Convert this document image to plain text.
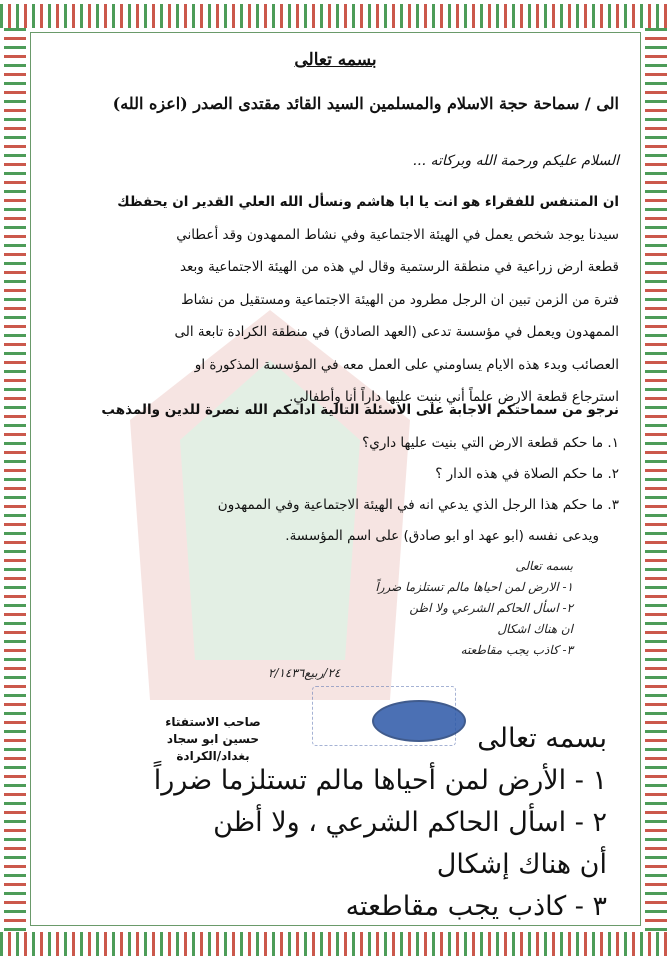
بسمه تعالى
الى / سماحة حجة الاسلام والمسلمين السيد القائد مقتدى الصدر (اعزه الله)
السلام عليكم ورحمة الله وبركاته ...
ان المتنفس للفقراء هو انت يا ابا هاشم ونسأل الله العلي القدير ان يحفظك
سيدنا يوجد شخص يعمل في الهيئة الاجتماعية وفي نشاط الممهدون وقد أعطاني
قطعة ارض زراعية في منطقة الرستمية وقال لي هذه من الهيئة الاجتماعية وبعد
فترة من الزمن تبين ان الرجل مطرود من الهيئة الاجتماعية ومستقيل من نشاط
الممهدون ويعمل في مؤسسة تدعى (العهد الصادق) في منطقة الكرادة تابعة الى
العصائب وبدء هذه الايام يساومني على العمل معه في المؤسسة المذكورة او
استرجاع قطعة الارض علماً أني بنيت عليها داراً أنا وأطفالي.
نرجو من سماحتكم الاجابة على الاسئلة التالية ادامكم الله نصرة للدين والمذهب
١. ما حكم قطعة الارض التي بنيت عليها داري؟
٢. ما حكم الصلاة في هذه الدار ؟
٣. ما حكم هذا الرجل الذي يدعي انه في الهيئة الاجتماعية وفي الممهدون
ويدعى نفسه (ابو عهد او ابو صادق) على اسم المؤسسة.
بسمه تعالى
١- الارض لمن احياها مالم تستلزما ضرراً
٢- اسأل الحاكم الشرعي ولا اظن
ان هناك اشكال
٣- كاذب يجب مقاطعته
٢٤/ربيع٢/١٤٣٦
صاحب الاستفتاء
حسين ابو سجاد
بغداد/الكرادة
بسمه تعالى
١ - الأرض لمن أحياها مالم تستلزما ضرراً
٢ - اسأل الحاكم الشرعي ، ولا أظن
أن هناك إشكال
٣ - كاذب يجب مقاطعته
